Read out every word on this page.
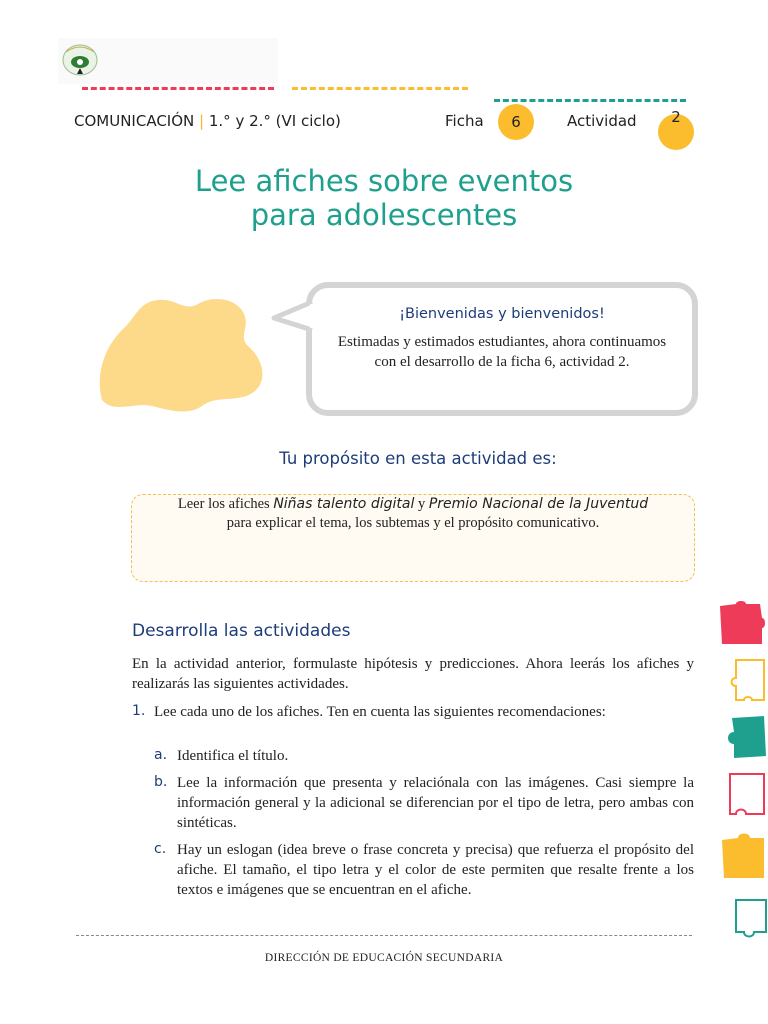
COMUNICACIÓN | 1.° y 2.° (VI ciclo)	Ficha	Actividad
6	2
Lee afiches sobre eventos
para adolescentes
¡Bienvenidas y bienvenidos!
Estimadas y estimados estudiantes, ahora continuamos con el desarrollo de la ficha 6, actividad 2.
Tu propósito en esta actividad es:
Leer los afiches Niñas talento digital y Premio Nacional de la Juventud para explicar el tema, los subtemas y el propósito comunicativo.
Desarrolla las actividades
En la actividad anterior, formulaste hipótesis y predicciones. Ahora leerás los afiches y realizarás las siguientes actividades.
1. Lee cada uno de los afiches. Ten en cuenta las siguientes recomendaciones:
a. Identifica el título.
b. Lee la información que presenta y relaciónala con las imágenes. Casi siempre la información general y la adicional se diferencian por el tipo de letra, pero ambas con sintéticas.
c. Hay un eslogan (idea breve o frase concreta y precisa) que refuerza el propósito del afiche. El tamaño, el tipo letra y el color de este permiten que resalte frente a los textos e imágenes que se encuentran en el afiche.
DIRECCIÓN DE EDUCACIÓN SECUNDARIA
